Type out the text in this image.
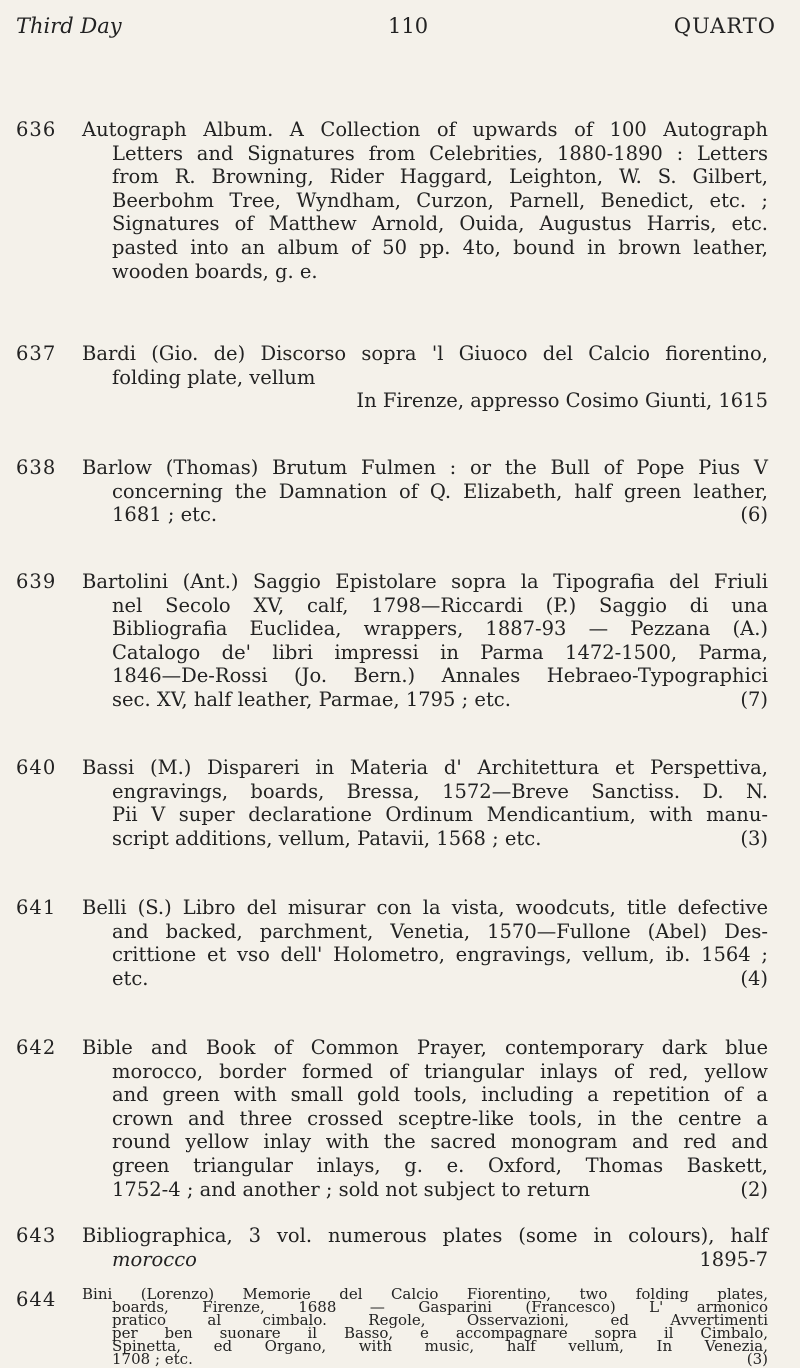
Third Day	110	QUARTO
636 Autograph Album. A Collection of upwards of 100 Autograph
Letters and Signatures from Celebrities, 1880-1890 : Letters
from R. Browning, Rider Haggard, Leighton, W. S. Gilbert,
Beerbohm Tree, Wyndham, Curzon, Parnell, Benedict, etc. ;
Signatures of Matthew Arnold, Ouida, Augustus Harris, etc.
pasted into an album of 50 pp. 4to, bound in brown leather,
wooden boards, g. e.
637 Bardi (Gio. de) Discorso sopra 'l Giuoco del Calcio fiorentino,
folding plate, vellum
In Firenze, appresso Cosimo Giunti, 1615
638 Barlow (Thomas) Brutum Fulmen : or the Bull of Pope Pius V
concerning the Damnation of Q. Elizabeth, half green leather,
1681 ; etc.	(6)
639 Bartolini (Ant.) Saggio Epistolare sopra la Tipografia del Friuli
nel Secolo XV, calf, 1798—Riccardi (P.) Saggio di una
Bibliografia Euclidea, wrappers, 1887-93 — Pezzana (A.)
Catalogo de' libri impressi in Parma 1472-1500, Parma,
1846—De-Rossi (Jo. Bern.) Annales Hebraeo-Typographici
sec. XV, half leather, Parmae, 1795 ; etc.	(7)
640 Bassi (M.) Dispareri in Materia d' Architettura et Perspettiva,
engravings, boards, Bressa, 1572—Breve Sanctiss. D. N.
Pii V super declaratione Ordinum Mendicantium, with manu-
script additions, vellum, Patavii, 1568 ; etc.	(3)
641 Belli (S.) Libro del misurar con la vista, woodcuts, title defective
and backed, parchment, Venetia, 1570—Fullone (Abel) Des-
crittione et vso dell' Holometro, engravings, vellum, ib. 1564 ;
etc.	(4)
642 Bible and Book of Common Prayer, contemporary dark blue
morocco, border formed of triangular inlays of red, yellow
and green with small gold tools, including a repetition of a
crown and three crossed sceptre-like tools, in the centre a
round yellow inlay with the sacred monogram and red and
green triangular inlays, g. e. Oxford, Thomas Baskett,
1752-4 ; and another ; sold not subject to return	(2)
643 Bibliographica, 3 vol. numerous plates (some in colours), half
morocco	1895-7
644 Bini (Lorenzo) Memorie del Calcio Fiorentino, two folding plates,
boards, Firenze, 1688 — Gasparini (Francesco) L' armonico
pratico al cimbalo. Regole, Osservazioni, ed Avvertimenti
per ben suonare il Basso, e accompagnare sopra il Cimbalo,
Spinetta, ed Organo, with music, half vellum, In Venezia,
1708 ; etc.	(3)
